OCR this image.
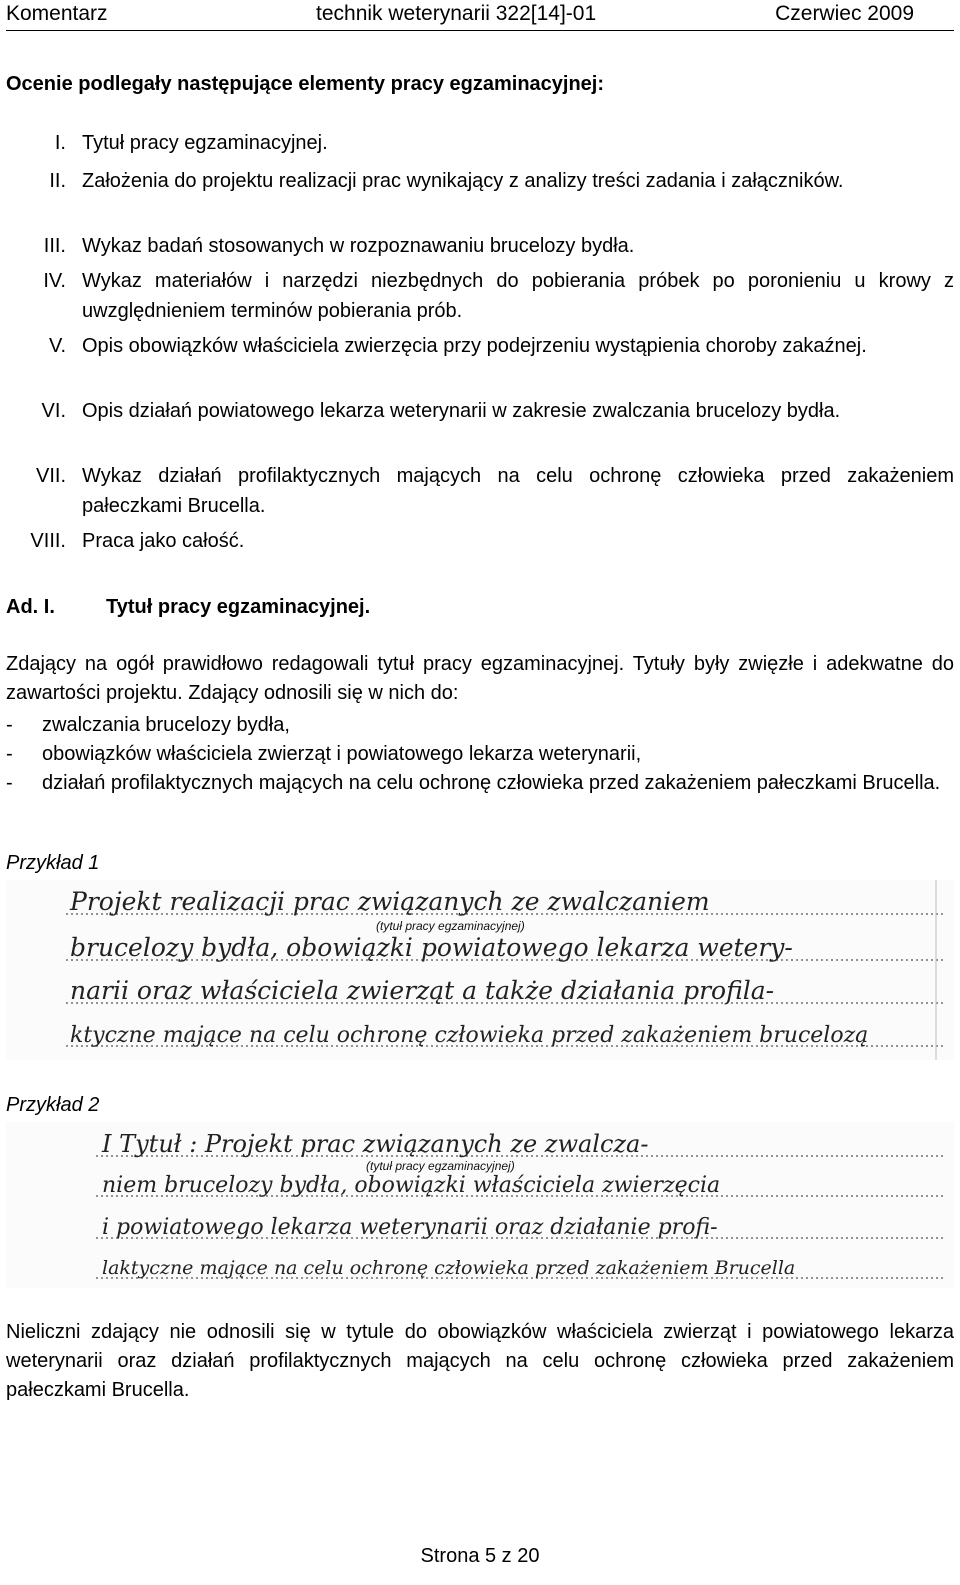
Komentarz	technik weterynarii 322[14]-01	Czerwiec 2009
Ocenie podlegały następujące elementy pracy egzaminacyjnej:
I. Tytuł pracy egzaminacyjnej.
II. Założenia do projektu realizacji prac wynikający z analizy treści zadania i załączników.
III. Wykaz badań stosowanych w rozpoznawaniu brucelozy bydła.
IV. Wykaz materiałów i narzędzi niezbędnych do pobierania próbek po poronieniu u krowy z uwzględnieniem terminów pobierania prób.
V. Opis obowiązków właściciela zwierzęcia przy podejrzeniu wystąpienia choroby zakaźnej.
VI. Opis działań powiatowego lekarza weterynarii w zakresie zwalczania brucelozy bydła.
VII. Wykaz działań profilaktycznych mających na celu ochronę człowieka przed zakażeniem pałeczkami Brucella.
VIII. Praca jako całość.
Ad. I.	Tytuł pracy egzaminacyjnej.
Zdający na ogół prawidłowo redagowali tytuł pracy egzaminacyjnej. Tytuły były zwięzłe i adekwatne do zawartości projektu. Zdający odnosili się w nich do:
- zwalczania brucelozy bydła,
- obowiązków właściciela zwierząt i powiatowego lekarza weterynarii,
- działań profilaktycznych mających na celu ochronę człowieka przed zakażeniem pałeczkami Brucella.
Przykład 1
Projekt realizacji prac związanych ze zwalczaniem
(tytuł pracy egzaminacyjnej)
brucelozy bydła, obowiązki powiatowego lekarza wetery-
narii oraz właściciela zwierząt a także działania profila-
ktyczne mające na celu ochronę człowieka przed zakażeniem brucelozą
Przykład 2
I Tytuł : Projekt prac związanych ze zwalcza-
(tytuł pracy egzaminacyjnej)
niem brucelozy bydła, obowiązki właściciela zwierzęcia
i powiatowego lekarza weterynarii oraz działanie profi-
laktyczne mające na celu ochronę człowieka przed zakażeniem Brucella
Nieliczni zdający nie odnosili się w tytule do obowiązków właściciela zwierząt i powiatowego lekarza weterynarii oraz działań profilaktycznych mających na celu ochronę człowieka przed zakażeniem pałeczkami Brucella.
Strona 5 z 20
